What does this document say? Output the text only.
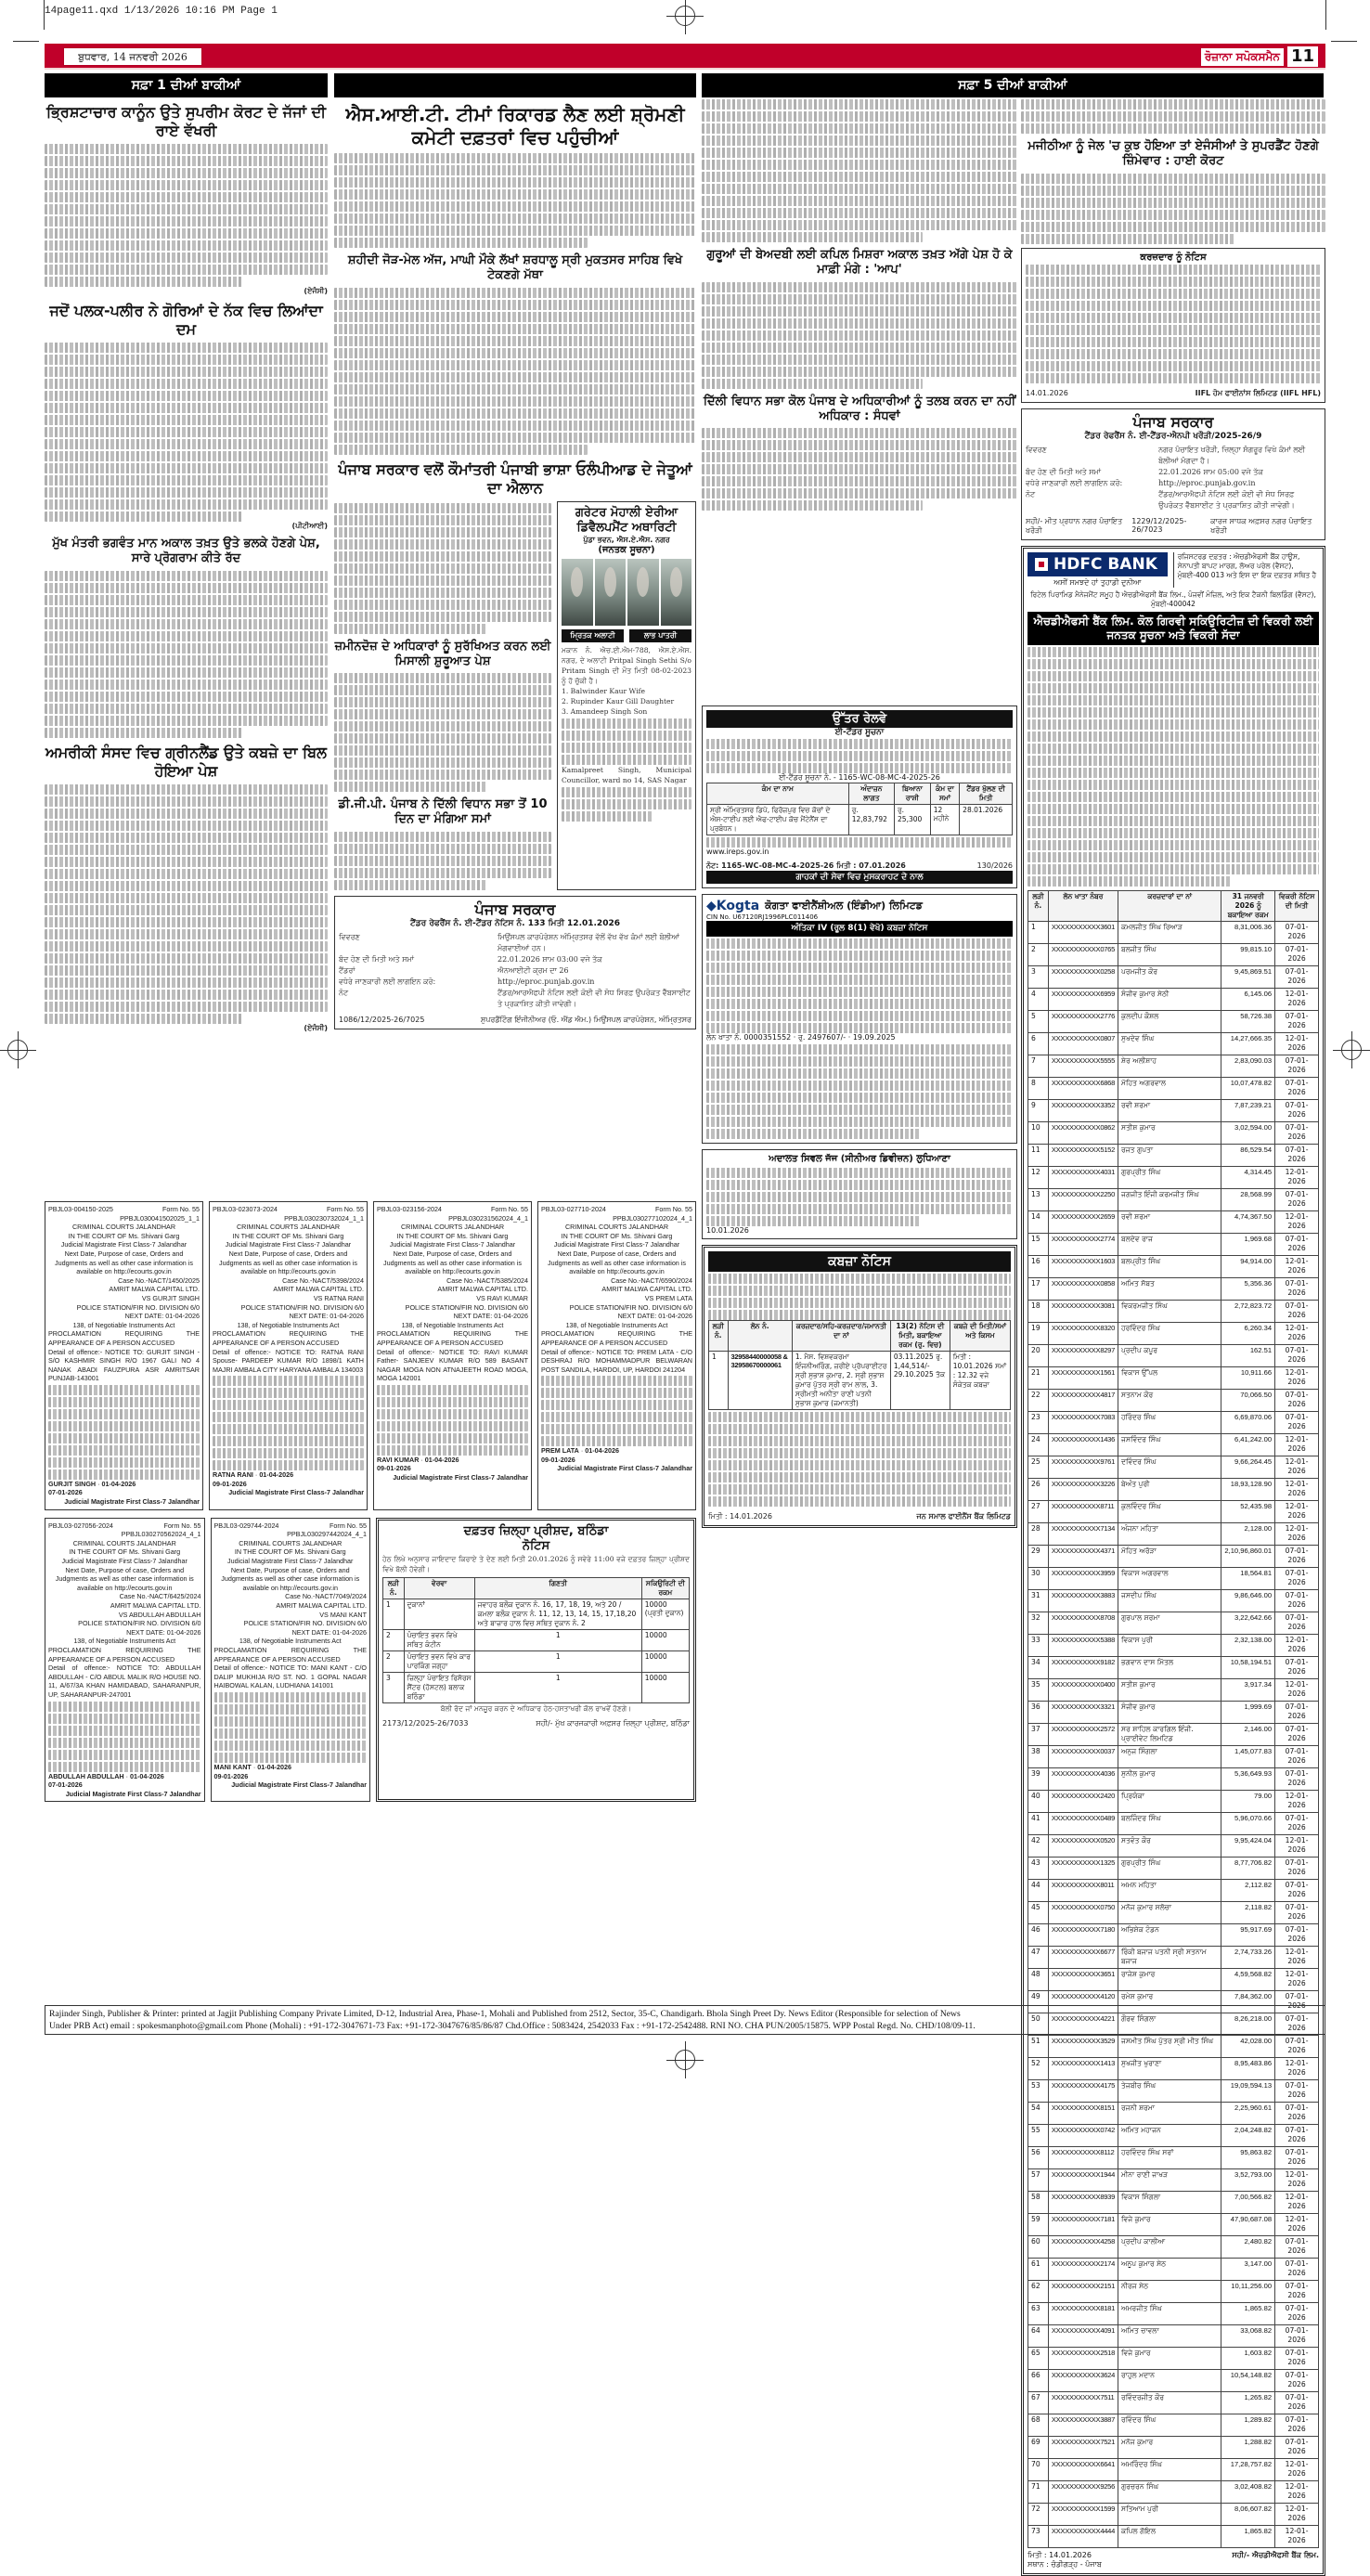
14page11.qxd 1/13/2026 10:16 PM Page 1
ਬੁਧਵਾਰ, 14 ਜਨਵਰੀ 2026	ਰੋਜ਼ਾਨਾ ਸਪੋਕਸਮੈਨ 11
ਸਫ਼ਾ 1 ਦੀਆਂ ਬਾਕੀਆਂ
ਭ੍ਰਿਸ਼ਟਾਚਾਰ ਕਾਨੂੰਨ ਉਤੇ ਸੁਪਰੀਮ ਕੋਰਟ ਦੇ ਜੱਜਾਂ ਦੀ ਰਾਏ ਵੱਖਰੀ
(ਏਜੰਸੀ)
ਜਦੋਂ ਪਲਕ-ਪਲੀਰ ਨੇ ਗੋਰਿਆਂ ਦੇ ਨੱਕ ਵਿਚ ਲਿਆਂਦਾ ਦਮ
(ਪੀਟੀਆਈ)
ਮੁੱਖ ਮੰਤਰੀ ਭਗਵੰਤ ਮਾਨ ਅਕਾਲ ਤਖ਼ਤ ਉਤੇ ਭਲਕੇ ਹੋਣਗੇ ਪੇਸ਼, ਸਾਰੇ ਪ੍ਰੋਗਰਾਮ ਕੀਤੇ ਰੱਦ
ਅਮਰੀਕੀ ਸੰਸਦ ਵਿਚ ਗ੍ਰੀਨਲੈਂਡ ਉਤੇ ਕਬਜ਼ੇ ਦਾ ਬਿਲ ਹੋਇਆ ਪੇਸ਼
(ਏਜੰਸੀ)
ਐਸ.ਆਈ.ਟੀ. ਟੀਮਾਂ ਰਿਕਾਰਡ ਲੈਣ ਲਈ ਸ਼੍ਰੋਮਣੀ ਕਮੇਟੀ ਦਫ਼ਤਰਾਂ ਵਿਚ ਪਹੁੰਚੀਆਂ
ਸ਼ਹੀਦੀ ਜੋੜ-ਮੇਲ ਅੱਜ, ਮਾਘੀ ਮੌਕੇ ਲੱਖਾਂ ਸ਼ਰਧਾਲੂ ਸ੍ਰੀ ਮੁਕਤਸਰ ਸਾਹਿਬ ਵਿਖੇ ਟੇਕਣਗੇ ਮੱਥਾ
ਪੰਜਾਬ ਸਰਕਾਰ ਵਲੋਂ ਕੌਮਾਂਤਰੀ ਪੰਜਾਬੀ ਭਾਸ਼ਾ ਓਲੰਪੀਆਡ ਦੇ ਜੇਤੂਆਂ ਦਾ ਐਲਾਨ
ਜ਼ਮੀਨਦੋਜ਼ ਦੇ ਅਧਿਕਾਰਾਂ ਨੂੰ ਸੁਰੱਖਿਅਤ ਕਰਨ ਲਈ ਮਿਸਾਲੀ ਸ਼ੁਰੂਆਤ ਪੇਸ਼
ਡੀ.ਜੀ.ਪੀ. ਪੰਜਾਬ ਨੇ ਦਿੱਲੀ ਵਿਧਾਨ ਸਭਾ ਤੋਂ 10 ਦਿਨ ਦਾ ਮੰਗਿਆ ਸਮਾਂ
ਗਰੇਟਰ ਮੋਹਾਲੀ ਏਰੀਆ
ਡਿਵੈਲਪਮੈਂਟ ਅਥਾਰਿਟੀ
ਪੁੱਡਾ ਭਵਨ, ਐਸ.ਏ.ਐਸ. ਨਗਰ
(ਜਨਤਕ ਸੂਚਨਾ)
ਮ੍ਰਿਤਕ ਅਲਾਟੀ	ਲਾਭ ਪਾਤਰੀ
ਮਕਾਨ ਨੰ. ਐਚ.ਈ.ਐਮ-788, ਐਸ.ਏ.ਐਸ. ਨਗਰ, ਦੇ ਅਲਾਟੀ Pritpal Singh Sethi S/o Pritam Singh ਦੀ ਮੌਤ ਮਿਤੀ 08-02-2023 ਨੂੰ ਹੋ ਚੁੱਕੀ ਹੈ।
1. Balwinder Kaur Wife
2. Rupinder Kaur Gill Daughter
3. Amandeep Singh Son
Kamalpreet Singh, Municipal Councillor, ward no 14, SAS Nagar
ਪੰਜਾਬ ਸਰਕਾਰ
ਟੈਂਡਰ ਰੇਫਰੈਂਸ ਨੰ. ਈ-ਟੈਂਡਰ ਨੋਟਿਸ ਨੰ. 133 ਮਿਤੀ 12.01.2026
ਵਿਵਰਣ	ਮਿਉਂਸਪਲ ਕਾਰਪੋਰੇਸ਼ਨ ਅੰਮ੍ਰਿਤਸਰ ਵੱਲੋਂ ਵੱਖ ਵੱਖ ਕੰਮਾਂ ਲਈ ਬੋਲੀਆਂ ਮੰਗਵਾਈਆਂ ਹਨ।
ਬੰਦ ਹੋਣ ਦੀ ਮਿਤੀ ਅਤੇ ਸਮਾਂ	22.01.2026 ਸ਼ਾਮ 03:00 ਵਜੇ ਤੱਕ
ਟੈਂਡਰਾਂ	ਐਨਆਈਟੀ ਕ੍ਰਮ ਦਾ 26
ਵਧੇਰੇ ਜਾਣਕਾਰੀ ਲਈ ਲਾਗਇਨ ਕਰੋ:	http://eproc.punjab.gov.in
ਨੋਟ	ਟੈਂਡਰ/ਆਰਐਫਪੀ ਨੋਟਿਸ ਲਈ ਕੋਈ ਵੀ ਸੋਧ ਸਿਰਫ਼ ਉਪਰੋਕਤ ਵੈੱਬਸਾਈਟ ਤੇ ਪ੍ਰਕਾਸ਼ਿਤ ਕੀਤੀ ਜਾਵੇਗੀ।
1086/12/2025-26/7025	ਸੁਪਰਡੈਂਟਿੰਗ ਇੰਜੀਨੀਅਰ (ਓ. ਐਂਡ ਐਮ.) ਮਿਉਂਸਪਲ ਕਾਰਪੋਰੇਸ਼ਨ, ਅੰਮ੍ਰਿਤਸਰ
PBJL03-004150-2025	Form No. 55
PPBJL030041502025_1_1
CRIMINAL COURTS JALANDHAR
IN THE COURT OF Ms. Shivani Garg
Judicial Magistrate First Class-7 Jalandhar
Next Date, Purpose of case, Orders and Judgments as well as other case information is available on http://ecourts.gov.in
Case No.-NACT/1450/2025
AMRIT MALWA CAPITAL LTD.
VS GURJIT SINGH
POLICE STATION/FIR NO. DIVISION 6/0
NEXT DATE: 01-04-2026
138, of Negotiable Instruments Act
PROCLAMATION REQUIRING THE APPEARANCE OF A PERSON ACCUSED
Detail of offence:- NOTICE TO: GURJIT SINGH - S/O KASHMIR SINGH R/O 1967 GALI NO 4 NANAK ABADI FAUZPURA ASR AMRITSAR PUNJAB-143001
GURJIT SINGH · 01-04-2026
07-01-2026
Judicial Magistrate First Class-7 Jalandhar
PBJL03-023073-2024	Form No. 55
PPBJL030230732024_1_1
CRIMINAL COURTS JALANDHAR
IN THE COURT OF Ms. Shivani Garg
Judicial Magistrate First Class-7 Jalandhar
Next Date, Purpose of case, Orders and Judgments as well as other case information is available on http://ecourts.gov.in
Case No.-NACT/5398/2024
AMRIT MALWA CAPITAL LTD.
VS RATNA RANI
POLICE STATION/FIR NO. DIVISION 6/0
NEXT DATE: 01-04-2026
138, of Negotiable Instruments Act
PROCLAMATION REQUIRING THE APPEARANCE OF A PERSON ACCUSED
Detail of offence:- NOTICE TO: RATNA RANI Spouse- PARDEEP KUMAR R/O 1898/1 KATH MAJRI AMBALA CITY HARYANA AMBALA 134003
RATNA RANI · 01-04-2026
09-01-2026
Judicial Magistrate First Class-7 Jalandhar
PBJL03-023156-2024	Form No. 55
PPBJL030231562024_4_1
CRIMINAL COURTS JALANDHAR
IN THE COURT OF Ms. Shivani Garg
Judicial Magistrate First Class-7 Jalandhar
Next Date, Purpose of case, Orders and Judgments as well as other case information is available on http://ecourts.gov.in
Case No.-NACT/5385/2024
AMRIT MALWA CAPITAL LTD.
VS RAVI KUMAR
POLICE STATION/FIR NO. DIVISION 6/0
NEXT DATE: 01-04-2026
138, of Negotiable Instruments Act
PROCLAMATION REQUIRING THE APPEARANCE OF A PERSON ACCUSED
Detail of offence:- NOTICE TO: RAVI KUMAR Father- SANJEEV KUMAR R/O 589 BASANT NAGAR MOGA NON ATNAJEETH ROAD MOGA, MOGA 142001
RAVI KUMAR · 01-04-2026
09-01-2026
Judicial Magistrate First Class-7 Jalandhar
PBJL03-027710-2024	Form No. 55
PPBJL030277102024_4_1
CRIMINAL COURTS JALANDHAR
IN THE COURT OF Ms. Shivani Garg
Judicial Magistrate First Class-7 Jalandhar
Next Date, Purpose of case, Orders and Judgments as well as other case information is available on http://ecourts.gov.in
Case No.-NACT/6590/2024
AMRIT MALWA CAPITAL LTD.
VS PREM LATA
POLICE STATION/FIR NO. DIVISION 6/0
NEXT DATE: 01-04-2026
138, of Negotiable Instruments Act
PROCLAMATION REQUIRING THE APPEARANCE OF A PERSON ACCUSED
Detail of offence:- NOTICE TO: PREM LATA - C/O DESHRAJ R/O MOHAMMADPUR BELWARAN POST SANDILA, HARDOI, UP, HARDOI 241204
PREM LATA · 01-04-2026
09-01-2026
Judicial Magistrate First Class-7 Jalandhar
PBJL03-027056-2024	Form No. 55
PPBJL030270562024_4_1
CRIMINAL COURTS JALANDHAR
IN THE COURT OF Ms. Shivani Garg
Judicial Magistrate First Class-7 Jalandhar
Next Date, Purpose of case, Orders and Judgments as well as other case information is available on http://ecourts.gov.in
Case No.-NACT/6425/2024
AMRIT MALWA CAPITAL LTD.
VS ABDULLAH ABDULLAH
POLICE STATION/FIR NO. DIVISION 6/0
NEXT DATE: 01-04-2026
138, of Negotiable Instruments Act
PROCLAMATION REQUIRING THE APPEARANCE OF A PERSON ACCUSED
Detail of offence:- NOTICE TO: ABDULLAH ABDULLAH - C/O ABDUL MALIK R/O HOUSE NO. 11, A/67/3A KHAN HAMIDABAD, SAHARANPUR, UP, SAHARANPUR-247001
ABDULLAH ABDULLAH · 01-04-2026
07-01-2026
Judicial Magistrate First Class-7 Jalandhar
PBJL03-029744-2024	Form No. 55
PPBJL030297442024_4_1
CRIMINAL COURTS JALANDHAR
IN THE COURT OF Ms. Shivani Garg
Judicial Magistrate First Class-7 Jalandhar
Next Date, Purpose of case, Orders and Judgments as well as other case information is available on http://ecourts.gov.in
Case No.-NACT/7049/2024
AMRIT MALWA CAPITAL LTD.
VS MANI KANT
POLICE STATION/FIR NO. DIVISION 6/0
NEXT DATE: 01-04-2026
138, of Negotiable Instruments Act
PROCLAMATION REQUIRING THE APPEARANCE OF A PERSON ACCUSED
Detail of offence:- NOTICE TO: MANI KANT - C/O DALIP MUKHIJA R/O ST. NO. 1 GOPAL NAGAR HAIBOWAL KALAN, LUDHIANA 141001
MANI KANT · 01-04-2026
09-01-2026
Judicial Magistrate First Class-7 Jalandhar
ਦਫ਼ਤਰ ਜ਼ਿਲ੍ਹਾ ਪ੍ਰੀਸ਼ਦ, ਬਠਿੰਡਾ
ਨੋਟਿਸ
ਹੇਠ ਲਿਖੇ ਅਨੁਸਾਰ ਜਾਇਦਾਦ ਕਿਰਾਏ ਤੇ ਦੇਣ ਲਈ ਮਿਤੀ 20.01.2026 ਨੂੰ ਸਵੇਰੇ 11:00 ਵਜੇ ਦਫ਼ਤਰ ਜ਼ਿਲ੍ਹਾ ਪ੍ਰੀਸ਼ਦ ਵਿਖੇ ਬੋਲੀ ਹੋਵੇਗੀ।
ਲੜੀ ਨੰ.	ਵੇਰਵਾ	ਗਿਣਤੀ	ਸਕਿਉਰਿਟੀ ਦੀ ਰਕਮ
1	ਦੁਕਾਨਾਂ	ਜਵਾਹਰ ਬਲੌਕ ਦੁਕਾਨ ਨੰ. 16, 17, 18, 19, ਅਤੇ 20 / ਕਮਲਾ ਬਲੌਕ ਦੁਕਾਨ ਨੰ. 11, 12, 13, 14, 15, 17,18,20 ਅਤੇ ਬਾਜ਼ਾਰ ਹਾਲ ਵਿਚ ਸਥਿਤ ਦੁਕਾਨ ਨੰ. 2	10000 (ਪ੍ਰਤੀ ਦੁਕਾਨ)
2	ਪੰਚਾਇਤ ਭਵਨ ਵਿਖੇ ਸਥਿਤ ਕੰਟੀਨ	1	10000
2	ਪੰਚਾਇਤ ਭਵਨ ਵਿਖੇ ਕਾਰ ਪਾਰਕਿੰਗ ਜਗ੍ਹਾ	1	10000
3	ਜ਼ਿਲ੍ਹਾ ਪੰਚਾਇਤ ਰਿਸੋਰਸ ਸੈਂਟਰ (ਹੋਸਟਲ) ਬਲਾਕ ਬਠਿੰਡਾ	1	10000
ਬੋਲੀ ਰੱਦ ਜਾਂ ਮਨਜ਼ੂਰ ਕਰਨ ਦੇ ਅਧਿਕਾਰ ਹੇਠ-ਹਸਤਾਖਰੀ ਕੋਲ ਰਾਖਵੇਂ ਹੋਣਗੇ।
2173/12/2025-26/7033	ਸਹੀ/- ਮੁੱਖ ਕਾਰਜਕਾਰੀ ਅਫ਼ਸਰ ਜ਼ਿਲ੍ਹਾ ਪ੍ਰੀਸ਼ਦ, ਬਠਿੰਡਾ
ਸਫ਼ਾ 5 ਦੀਆਂ ਬਾਕੀਆਂ
ਗੁਰੂਆਂ ਦੀ ਬੇਅਦਬੀ ਲਈ ਕਪਿਲ ਮਿਸ਼ਰਾ ਅਕਾਲ ਤਖ਼ਤ ਅੱਗੇ ਪੇਸ਼ ਹੋ ਕੇ ਮਾਫ਼ੀ ਮੰਗੇ : 'ਆਪ'
ਦਿੱਲੀ ਵਿਧਾਨ ਸਭਾ ਕੋਲ ਪੰਜਾਬ ਦੇ ਅਧਿਕਾਰੀਆਂ ਨੂੰ ਤਲਬ ਕਰਨ ਦਾ ਨਹੀਂ ਅਧਿਕਾਰ : ਸੰਧਵਾਂ
ਉੱਤਰ ਰੇਲਵੇ
ਈ-ਟੈਂਡਰ ਸੂਚਨਾ
ਈ-ਟੈਂਡਰ ਸੂਚਨਾ ਨੰ. - 1165-WC-08-MC-4-2025-26
ਕੰਮ ਦਾ ਨਾਮ	ਅੰਦਾਜ਼ਨ ਲਾਗਤ	ਬਿਆਨਾ ਰਾਸ਼ੀ	ਕੰਮ ਦਾ ਸਮਾਂ	ਟੈਂਡਰ ਖੁੱਲਣ ਦੀ ਮਿਤੀ
ਸ੍ਰੀ ਅੰਮ੍ਰਿਤਸਰ ਡਿਪੋ, ਫਿਰੋਜ਼ਪੁਰ ਵਿਚ ਕੋਚਾਂ ਦੇ ਐਸ-ਟਾਈਪ ਲਈ ਐਫ-ਟਾਈਪ ਕੋਚ ਮੈਂਟੇਨੈਂਸ ਦਾ ਪ੍ਰਬੰਧਨ।	ਰੁ. 12,83,792	ਰੁ. 25,300	12 ਮਹੀਨੇ	28.01.2026
www.ireps.gov.in
ਨੋਟ: 1165-WC-08-MC-4-2025-26 ਮਿਤੀ : 07.01.2026	130/2026
ਗਾਹਕਾਂ ਦੀ ਸੇਵਾ ਵਿਚ ਮੁਸਕਰਾਹਟ ਦੇ ਨਾਲ
◆Kogta ਕੋਗਤਾ ਫਾਈਨੈਂਸ਼ੀਅਲ (ਇੰਡੀਆ) ਲਿਮਿਟਡ
CIN No. U67120RJ1996PLC011406
ਅੰਤਿਕਾ IV (ਰੂਲ 8(1) ਵੇਖੋ) ਕਬਜ਼ਾ ਨੋਟਿਸ
ਲੋਨ ਖਾਤਾ ਨੰ. 0000351552 · ਰੁ. 2497607/- · 19.09.2025
ਅਦਾਲਤ ਸਿਵਲ ਜੱਜ (ਸੀਨੀਅਰ ਡਿਵੀਜ਼ਨ) ਲੁਧਿਆਣਾ
10.01.2026
ਕਬਜ਼ਾ ਨੋਟਿਸ
ਲੜੀ ਨੰ.	ਲੋਨ ਨੰ.	ਕਰਜ਼ਦਾਰ/ਸਹਿ-ਕਰਜ਼ਦਾਰ/ਜਮਾਨਤੀ ਦਾ ਨਾਂ	13(2) ਨੋਟਿਸ ਦੀ ਮਿਤੀ, ਬਕਾਇਆ ਰਕਮ (ਰੁ. ਵਿਚ)	ਕਬਜ਼ੇ ਦੀ ਮਿਤੀ/ਸਮਾਂ ਅਤੇ ਕਿਸਮ
1	32958440000058 & 32958670000061	1. ਮੈਸ. ਵਿਸ਼ਵਕਰਮਾ ਇੰਜਨੀਅਰਿੰਗ, ਜ਼ਰੀਏ ਪ੍ਰੋਪਰਾਈਟਰ ਸ੍ਰੀ ਸੁਭਾਸ਼ ਕੁਮਾਰ, 2. ਸ੍ਰੀ ਸੁਭਾਸ਼ ਕੁਮਾਰ ਪੁੱਤਰ ਸ੍ਰੀ ਰਾਮ ਲਾਲ, 3. ਸ੍ਰੀਮਤੀ ਅਨੀਤਾ ਰਾਣੀ ਪਤਨੀ ਸੁਭਾਸ਼ ਕੁਮਾਰ (ਜਮਾਨਤੀ)	03.11.2025 ਰੁ. 1,44,514/- 29.10.2025 ਤੱਕ	ਮਿਤੀ : 10.01.2026 ਸਮਾਂ : 12.32 ਵਜੇ ਸੰਕੇਤਕ ਕਬਜ਼ਾ
ਮਿਤੀ : 14.01.2026	ਜਨ ਸਮਾਲ ਫਾਈਨੈਂਸ ਬੈਂਕ ਲਿਮਿਟਡ
ਮਜੀਠੀਆ ਨੂੰ ਜੇਲ 'ਚ ਕੁਝ ਹੋਇਆ ਤਾਂ ਏਜੰਸੀਆਂ ਤੇ ਸੁਪਰਡੈਂਟ ਹੋਣਗੇ ਜ਼ਿੰਮੇਵਾਰ : ਹਾਈ ਕੋਰਟ
ਕਰਜ਼ਦਾਰ ਨੂੰ ਨੋਟਿਸ
14.01.2026	IIFL ਹੋਮ ਫਾਈਨਾਂਸ ਲਿਮਿਟਡ (IIFL HFL)
ਪੰਜਾਬ ਸਰਕਾਰ
ਟੈਂਡਰ ਰੇਫਰੈਂਸ ਨੰ. ਈ-ਟੈਂਡਰ-ਐਨਪੀ ਖਰੌੜੀ/2025-26/9
ਵਿਵਰਣ	ਨਗਰ ਪੰਚਾਇਤ ਖਰੌੜੀ, ਜ਼ਿਲ੍ਹਾ ਸੰਗਰੂਰ ਵਿਖੇ ਕੰਮਾਂ ਲਈ ਬੋਲੀਆਂ ਮੰਗਦਾ ਹੈ।
ਬੰਦ ਹੋਣ ਦੀ ਮਿਤੀ ਅਤੇ ਸਮਾਂ	22.01.2026 ਸ਼ਾਮ 05:00 ਵਜੇ ਤੱਕ
ਵਧੇਰੇ ਜਾਣਕਾਰੀ ਲਈ ਲਾਗਇਨ ਕਰੋ:	http://eproc.punjab.gov.in
ਨੋਟ	ਟੈਂਡਰ/ਆਰਐਫਪੀ ਨੋਟਿਸ ਲਈ ਕੋਈ ਵੀ ਸੋਧ ਸਿਰਫ਼ ਉਪਰੋਕਤ ਵੈੱਬਸਾਈਟ ਤੇ ਪ੍ਰਕਾਸ਼ਿਤ ਕੀਤੀ ਜਾਵੇਗੀ।
ਸਹੀ/- ਮੀਤ ਪ੍ਰਧਾਨ ਨਗਰ ਪੰਚਾਇਤ ਖਰੌੜੀ
1229/12/2025-26/7023
ਕਾਰਜ ਸਾਧਕ ਅਫ਼ਸਰ ਨਗਰ ਪੰਚਾਇਤ ਖਰੌੜੀ
HDFC BANK
ਅਸੀਂ ਸਮਝਦੇ ਹਾਂ ਤੁਹਾਡੀ ਦੁਨੀਆ
ਰਜਿਸਟਰਡ ਦਫ਼ਤਰ : ਐਚਡੀਐਫਸੀ ਬੈਂਕ ਹਾਊਸ, ਸੇਨਾਪਤੀ ਬਾਪਟ ਮਾਰਗ, ਲੋਅਰ ਪਰੇਲ (ਵੈਸਟ), ਮੁੰਬਈ-400 013 ਅਤੇ ਇਸ ਦਾ ਇਕ ਦਫ਼ਤਰ ਸਥਿਤ ਹੈ
ਰਿਟੇਲ ਪਿਰਾਮਿਡ ਮੈਨੇਜਮੈਂਟ ਸਮੂਹ ਹੈ ਐਚਡੀਐਫਸੀ ਬੈਂਕ ਲਿਮ., ਪੰਜਵੀਂ ਮੰਜ਼ਿਲ, ਅਤੇ ਇਕ ਟੈਕਨੀ ਬਿਲਡਿੰਗ (ਵੈਸਟ), ਮੁੰਬਈ-400042
ਐਚਡੀਐਫਸੀ ਬੈਂਕ ਲਿਮ. ਕੋਲ ਗਿਰਵੀ ਸਕਿਉਰਿਟੀਜ਼ ਦੀ ਵਿਕਰੀ ਲਈ ਜਨਤਕ ਸੂਚਨਾ ਅਤੇ ਵਿਕਰੀ ਸੱਦਾ
ਲੜੀ ਨੰ.	ਲੋਨ ਖਾਤਾ ਨੰਬਰ	ਕਰਜ਼ਦਾਰਾਂ ਦਾ ਨਾਂ	31 ਜਨਵਰੀ 2026 ਨੂੰ ਬਕਾਇਆ ਰਕਮ	ਵਿਕਰੀ ਨੋਟਿਸ ਦੀ ਮਿਤੀ
1	XXXXXXXXXXX3601	ਕਮਲਜੀਤ ਸਿੰਘ ਰਿਆੜ	8,31,006.36	07-01-2026
2	XXXXXXXXXXX0765	ਬਲਜੀਤ ਸਿੰਘ	99,815.10	07-01-2026
3	XXXXXXXXXXX0258	ਪਰਮਜੀਤ ਕੌਰ	9,45,869.51	07-01-2026
4	XXXXXXXXXXX6959	ਸੰਜੀਵ ਕੁਮਾਰ ਸੇਠੀ	6,145.06	12-01-2026
5	XXXXXXXXXXX2776	ਕੁਲਦੀਪ ਕੌਸ਼ਲ	58,726.38	07-01-2026
6	XXXXXXXXXXX0807	ਸੁਖਦੇਵ ਸਿੰਘ	14,27,666.35	12-01-2026
7	XXXXXXXXXXX5555	ਸ਼ੇਰ ਅਲੀਸ਼ਾਹ	2,83,090.03	07-01-2026
8	XXXXXXXXXXX6868	ਮੋਹਿਤ ਅਗਰਵਾਲ	10,07,478.82	07-01-2026
9	XXXXXXXXXXX3352	ਰਵੀ ਸ਼ਰਮਾ	7,87,239.21	07-01-2026
10	XXXXXXXXXXX0862	ਸਤੀਸ਼ ਕੁਮਾਰ	3,02,594.00	07-01-2026
11	XXXXXXXXXXX5152	ਰਜਤ ਗੁਪਤਾ	86,529.54	07-01-2026
12	XXXXXXXXXXX4031	ਗੁਰਪ੍ਰੀਤ ਸਿੰਘ	4,314.45	12-01-2026
13	XXXXXXXXXXX2250	ਜਗਜੀਤ ਇੰਜੀ ਕਰਮਜੀਤ ਸਿੰਘ	28,568.99	07-01-2026
14	XXXXXXXXXXX2659	ਰਵੀ ਸ਼ਰਮਾ	4,74,367.50	12-01-2026
15	XXXXXXXXXXX2774	ਬਲਦੇਵ ਰਾਜ	1,969.68	07-01-2026
16	XXXXXXXXXXX1603	ਬਲਪ੍ਰੀਤ ਸਿੰਘ	94,914.00	12-01-2026
17	XXXXXXXXXXX0858	ਅਮਿਤ ਸੋਬਤ	5,356.36	07-01-2026
18	XXXXXXXXXXX3081	ਵਿਕਰਮਜੀਤ ਸਿੰਘ	2,72,823.72	07-01-2026
19	XXXXXXXXXXX8320	ਹਰਵਿੰਦਰ ਸਿੰਘ	6,260.34	12-01-2026
20	XXXXXXXXXXX8297	ਪ੍ਰਦੀਪ ਕਪੂਰ	162.51	07-01-2026
21	XXXXXXXXXXX1561	ਵਿਕਾਸ ਉੱਪਲ	10,911.66	12-01-2026
22	XXXXXXXXXXX4817	ਸਤਨਾਮ ਕੌਰ	70,066.50	07-01-2026
23	XXXXXXXXXXX7083	ਹਰਿੰਦਰ ਸਿੰਘ	6,69,870.06	07-01-2026
24	XXXXXXXXXXX1436	ਜਸਵਿੰਦਰ ਸਿੰਘ	6,41,242.00	12-01-2026
25	XXXXXXXXXXX9761	ਦਵਿੰਦਰ ਸਿੰਘ	9,66,264.45	12-01-2026
26	XXXXXXXXXXX3226	ਬੇਅੰਤ ਪੁਰੀ	18,93,128.90	12-01-2026
27	XXXXXXXXXXX8711	ਕੁਲਵਿੰਦਰ ਸਿੰਘ	52,435.98	12-01-2026
28	XXXXXXXXXXX7134	ਅੰਜਨਾ ਮਹਿਤਾ	2,128.00	12-01-2026
29	XXXXXXXXXXX4371	ਮੋਹਿਤ ਅਰੋੜਾ	2,10,96,860.01	07-01-2026
30	XXXXXXXXXXX3959	ਵਿਕਾਸ ਅਗਰਵਾਲ	18,564.81	07-01-2026
31	XXXXXXXXXXX3883	ਜਸਦੀਪ ਸਿੰਘ	9,86,646.00	07-01-2026
32	XXXXXXXXXXX8708	ਗੁਰਪਾਲ ਸ਼ਰਮਾ	3,22,642.66	07-01-2026
33	XXXXXXXXXXX5388	ਵਿਕਾਸ ਪੁਰੀ	2,32,138.00	12-01-2026
34	XXXXXXXXXXX9182	ਭਗਵਾਨ ਦਾਸ ਮਿੱਤਲ	10,58,194.51	07-01-2026
35	XXXXXXXXXXX0400	ਸਤੀਸ਼ ਕੁਮਾਰ	3,917.34	12-01-2026
36	XXXXXXXXXXX3321	ਸੰਜੀਵ ਕੁਮਾਰ	1,999.69	07-01-2026
37	XXXXXXXXXXX2572	ਸਰ ਸ਼ਾਹਿਲ ਕਾਰਗਿਲ ਇੰਜੀ. ਪ੍ਰਾਈਵੇਟ ਲਿਮਟਿਡ	2,146.00	07-01-2026
38	XXXXXXXXXXX0037	ਅਨੁਜ ਸਿੰਗਲਾ	1,45,077.83	07-01-2026
39	XXXXXXXXXXX4036	ਸੁਨੀਲ ਕੁਮਾਰ	5,36,649.93	07-01-2026
40	XXXXXXXXXXX2420	ਪ੍ਰਿਯੰਕਾ	79.00	12-01-2026
41	XXXXXXXXXXX0489	ਬਲਜਿੰਦਰ ਸਿੰਘ	5,96,070.66	07-01-2026
42	XXXXXXXXXXX0520	ਸਤਵੰਤ ਕੌਰ	9,95,424.04	12-01-2026
43	XXXXXXXXXXX1325	ਗੁਰਪ੍ਰੀਤ ਸਿੰਘ	8,77,706.82	07-01-2026
44	XXXXXXXXXXX8011	ਅਮਨ ਮਹਿਤਾ	2,112.82	07-01-2026
45	XXXXXXXXXXX0750	ਮਨੋਜ ਕੁਮਾਰ ਸਲੋਚਾ	2,118.82	07-01-2026
46	XXXXXXXXXXX7180	ਅਭਿਸ਼ੇਕ ਟੰਡਨ	95,917.69	07-01-2026
47	XXXXXXXXXXX6677	ਰਿੰਕੀ ਬਜਾਜ ਪਤਨੀ ਸ੍ਰੀ ਸਤਨਾਮ ਬਜਾਜ	2,74,733.26	12-01-2026
48	XXXXXXXXXXX3651	ਰਾਜੇਸ਼ ਕੁਮਾਰ	4,59,568.82	12-01-2026
49	XXXXXXXXXXX4120	ਰਮੇਸ਼ ਕੁਮਾਰ	7,84,362.00	07-01-2026
50	XXXXXXXXXXX4221	ਗੌਰਵ ਸਿੰਗਲਾ	8,26,218.00	07-01-2026
51	XXXXXXXXXXX3529	ਜਸਮੀਤ ਸਿੰਘ ਪੁੱਤਰ ਸ੍ਰੀ ਮੀਤ ਸਿੰਘ	42,028.00	07-01-2026
52	XXXXXXXXXXX1413	ਸੁਖਜੀਤ ਖੁਰਾਣਾ	8,95,483.86	12-01-2026
53	XXXXXXXXXXX4175	ਤੇਜਬੀਰ ਸਿੰਘ	19,09,594.13	07-01-2026
54	XXXXXXXXXXX8151	ਰਜਨੀ ਸ਼ਰਮਾ	2,25,960.61	07-01-2026
55	XXXXXXXXXXX0742	ਅਮਿਤ ਮਹਾਜਨ	2,04,248.82	07-01-2026
56	XXXXXXXXXXX8112	ਹਰਵਿੰਦਰ ਸਿੰਘ ਸਰਾਂ	95,863.82	07-01-2026
57	XXXXXXXXXXX1944	ਮੀਨਾ ਰਾਣੀ ਜਾਖੜ	3,52,793.00	12-01-2026
58	XXXXXXXXXXX8939	ਵਿਕਾਸ ਸਿੰਗਲਾ	7,00,566.82	12-01-2026
59	XXXXXXXXXXX7181	ਵਿਜੇ ਕੁਮਾਰ	47,90,687.08	12-01-2026
60	XXXXXXXXXXX4258	ਪ੍ਰਦੀਪ ਕਾਲੀਆ	2,480.82	07-01-2026
61	XXXXXXXXXXX2174	ਅਨੂਪ ਕੁਮਾਰ ਸੇਠ	3,147.00	07-01-2026
62	XXXXXXXXXXX2151	ਨੀਰਜ ਸੇਠ	10,11,256.00	07-01-2026
63	XXXXXXXXXXX8181	ਅਮਰਜੀਤ ਸਿੰਘ	1,865.82	07-01-2026
64	XXXXXXXXXXX4091	ਅਮਿਤ ਚਾਵਲਾ	33,068.82	07-01-2026
65	XXXXXXXXXXX2518	ਵਿਜੇ ਕੁਮਾਰ	1,603.82	07-01-2026
66	XXXXXXXXXXX3624	ਰਾਹੁਲ ਮਦਾਨ	10,54,148.82	07-01-2026
67	XXXXXXXXXXX7511	ਰਵਿੰਦਰਜੀਤ ਕੌਰ	1,265.82	07-01-2026
68	XXXXXXXXXXX3887	ਰਵਿੰਦਰ ਸਿੰਘ	1,289.82	07-01-2026
69	XXXXXXXXXXX7521	ਮਨੋਜ ਕੁਮਾਰ	1,288.82	07-01-2026
70	XXXXXXXXXXX6641	ਅਮਰਿੰਦਰ ਸਿੰਘ	17,28,757.82	12-01-2026
71	XXXXXXXXXXX9256	ਗੁਰਚਰਨ ਸਿੰਘ	3,02,408.82	12-01-2026
72	XXXXXXXXXXX1599	ਸਤਿਆਮ ਪੁਰੀ	8,06,607.82	12-01-2026
73	XXXXXXXXXXX4444	ਕਪਿਲ ਗੋਇਲ	1,865.82	12-01-2026
ਮਿਤੀ : 14.01.2026
ਸਥਾਨ : ਚੰਡੀਗੜ੍ਹ - ਪੰਜਾਬ
ਸਹੀ/- ਐਚਡੀਐਫਸੀ ਬੈਂਕ ਲਿਮ.
Rajinder Singh, Publisher & Printer: printed at Jagjit Publishing Company Private Limited, D-12, Industrial Area, Phase-1, Mohali and Published from 2512, Sector, 35-C, Chandigarh. Bhola Singh Preet Dy. News Editor (Responsible for selection of News
Under PRB Act) email : spokesmanphoto@gmail.com Phone (Mohali) : +91-172-3047671-73 Fax: +91-172-3047676/85/86/87 Chd.Office : 5083424, 2542033 Fax : +91-172-2542488. RNI NO. CHA PUN/2005/15875. WPP Postal Regd. No. CHD/108/09-11.
